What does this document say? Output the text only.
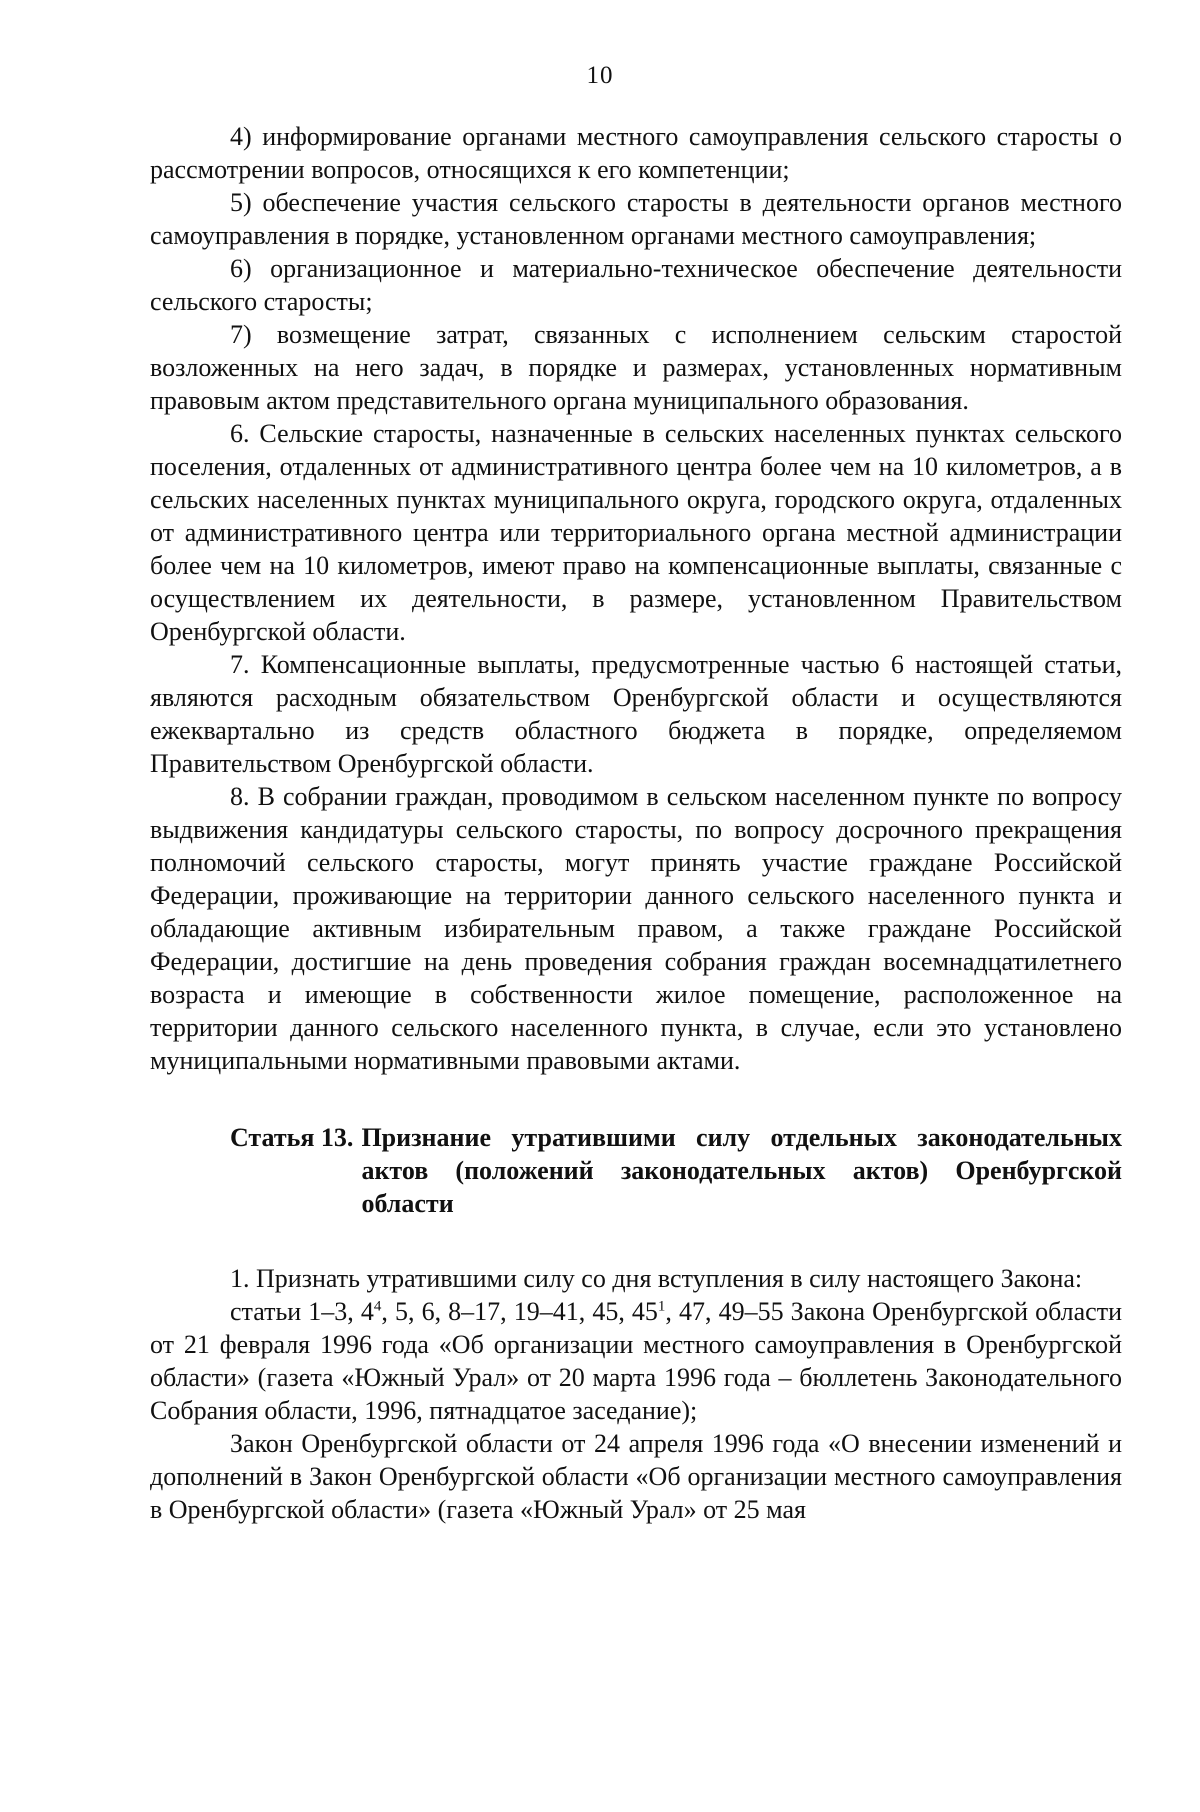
10

4) информирование органами местного самоуправления сельского старосты о рассмотрении вопросов, относящихся к его компетенции;

5) обеспечение участия сельского старосты в деятельности органов местного самоуправления в порядке, установленном органами местного самоуправления;

6) организационное и материально-техническое обеспечение деятельности сельского старосты;

7) возмещение затрат, связанных с исполнением сельским старостой возложенных на него задач, в порядке и размерах, установленных нормативным правовым актом представительного органа муниципального образования.

6. Сельские старосты, назначенные в сельских населенных пунктах сельского поселения, отдаленных от административного центра более чем на 10 километров, а в сельских населенных пунктах муниципального округа, городского округа, отдаленных от административного центра или территориального органа местной администрации более чем на 10 километров, имеют право на компенсационные выплаты, связанные с осуществлением их деятельности, в размере, установленном Правительством Оренбургской области.

7. Компенсационные выплаты, предусмотренные частью 6 настоящей статьи, являются расходным обязательством Оренбургской области и осуществляются ежеквартально из средств областного бюджета в порядке, определяемом Правительством Оренбургской области.

8. В собрании граждан, проводимом в сельском населенном пункте по вопросу выдвижения кандидатуры сельского старосты, по вопросу досрочного прекращения полномочий сельского старосты, могут принять участие граждане Российской Федерации, проживающие на территории данного сельского населенного пункта и обладающие активным избирательным правом, а также граждане Российской Федерации, достигшие на день проведения собрания граждан восемнадцатилетнего возраста и имеющие в собственности жилое помещение, расположенное на территории данного сельского населенного пункта, в случае, если это установлено муниципальными нормативными правовыми актами.

Статья 13. Признание утратившими силу отдельных законодательных актов (положений законодательных актов) Оренбургской области

1. Признать утратившими силу со дня вступления в силу настоящего Закона:

статьи 1–3, $4^4$, 5, 6, 8–17, 19–41, 45, $45^1$, 47, 49–55 Закона Оренбургской области от 21 февраля 1996 года «Об организации местного самоуправления в Оренбургской области» (газета «Южный Урал» от 20 марта 1996 года – бюллетень Законодательного Собрания области, 1996, пятнадцатое заседание);

Закон Оренбургской области от 24 апреля 1996 года «О внесении изменений и дополнений в Закон Оренбургской области «Об организации местного самоуправления в Оренбургской области» (газета «Южный Урал» от 25 мая
